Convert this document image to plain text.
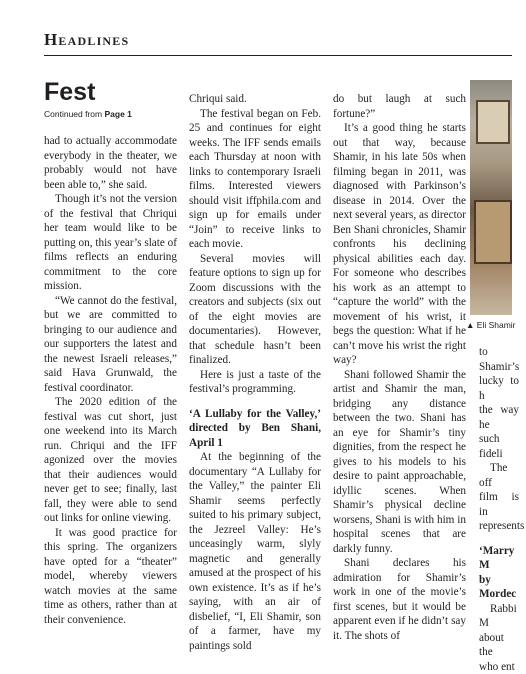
Headlines
Fest
Continued from Page 1

had to actually accommodate everybody in the theater, we probably would not have been able to,” she said.

Though it’s not the version of the festival that Chriqui her team would like to be putting on, this year’s slate of films reflects an enduring commitment to the core mission.

“We cannot do the festival, but we are committed to bringing to our audience and our supporters the latest and the newest Israeli releases,” said Hava Grunwald, the festival coordinator.

The 2020 edition of the festival was cut short, just one weekend into its March run. Chriqui and the IFF agonized over the movies that their audiences would never get to see; finally, last fall, they were able to send out links for online viewing.

It was good practice for this spring. The organizers have opted for a “theater” model, whereby viewers watch movies at the same time as others, rather than at their convenience.

Chriqui said.

The festival began on Feb. 25 and continues for eight weeks. The IFF sends emails each Thursday at noon with links to contemporary Israeli films. Interested viewers should visit iffphila.com and sign up for emails under “Join” to receive links to each movie.

Several movies will feature options to sign up for Zoom discussions with the creators and subjects (six out of the eight movies are documentaries). However, that schedule hasn’t been finalized.

Here is just a taste of the festival’s programming.

‘A Lullaby for the Valley,’ directed by Ben Shani, April 1

At the beginning of the documentary “A Lullaby for the Valley,” the painter Eli Shamir seems perfectly suited to his primary subject, the Jezreel Valley: He’s unceasingly warm, slyly magnetic and generally amused at the prospect of his own existence. It’s as if he’s saying, with an air of disbelief, “I, Eli Shamir, son of a farmer, have my paintings sold

do but laugh at such fortune?”

It’s a good thing he starts out that way, because Shamir, in his late 50s when filming began in 2011, was diagnosed with Parkinson’s disease in 2014. Over the next several years, as director Ben Shani chronicles, Shamir confronts his declining physical abilities each day. For someone who describes his work as an attempt to “capture the world” with the movement of his wrist, it begs the question: What if he can’t move his wrist the right way?

Shani followed Shamir the artist and Shamir the man, bridging any distance between the two. Shani has an eye for Shamir’s tiny dignities, from the respect he gives to his models to his desire to paint approachable, idyllic scenes. When Shamir’s physical decline worsens, Shani is with him in hospital scenes that are darkly funny.

Shani declares his admiration for Shamir’s work in one of the movie’s first scenes, but it would be apparent even if he didn’t say it. The shots of

▲ Eli Shamir
to Shamir’s
lucky to h
the way he
such fideli
The off
film is in
represents
‘Marry M
by Mordec
Rabbi M
about the
who ent
